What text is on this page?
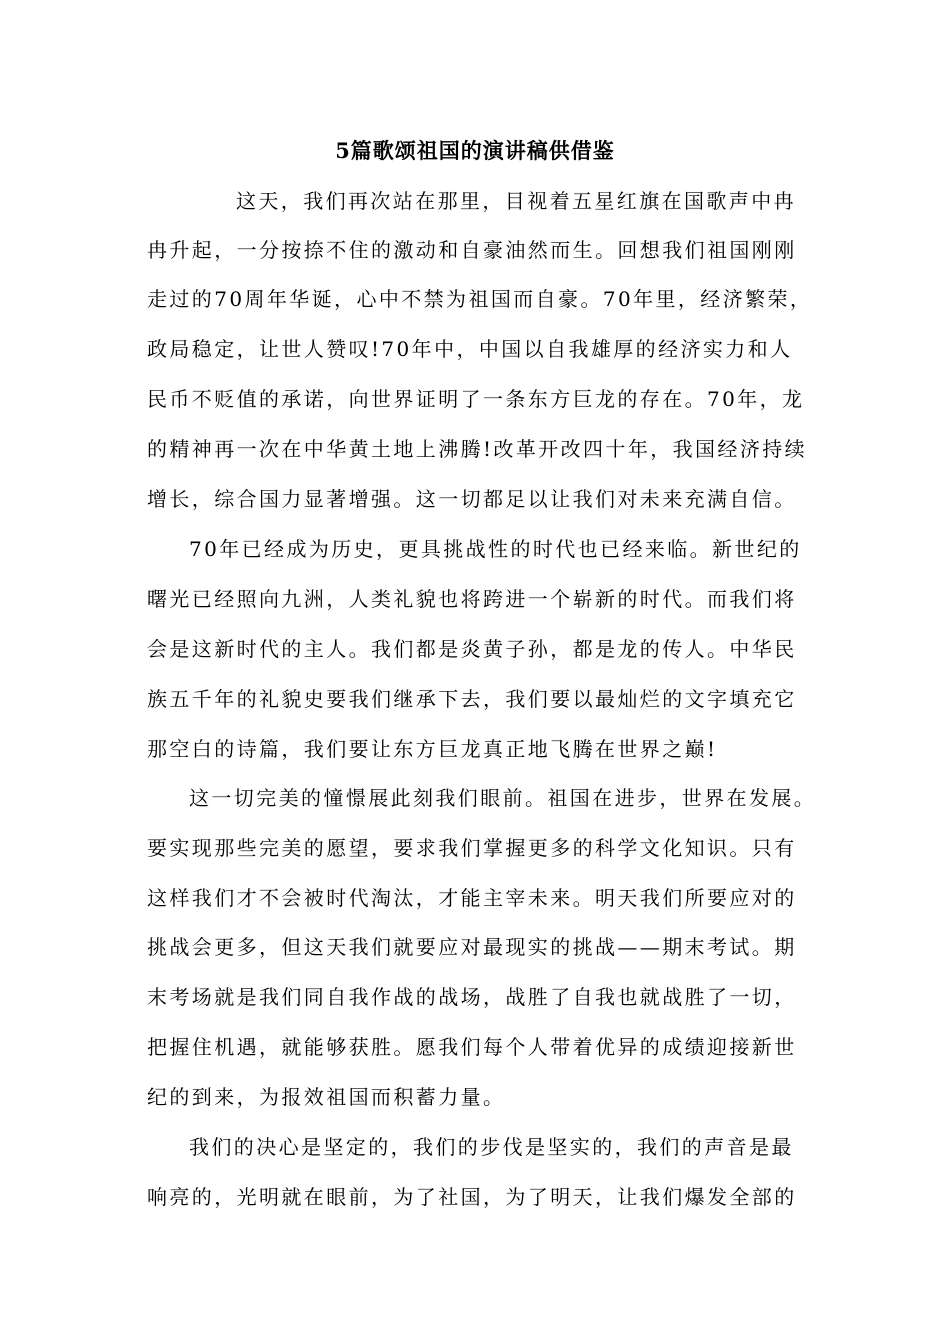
5篇歌颂祖国的演讲稿供借鉴
这天，我们再次站在那里，目视着五星红旗在国歌声中冉
冉升起，一分按捺不住的激动和自豪油然而生。回想我们祖国刚刚
走过的70周年华诞，心中不禁为祖国而自豪。70年里，经济繁荣，
政局稳定，让世人赞叹!70年中，中国以自我雄厚的经济实力和人
民币不贬值的承诺，向世界证明了一条东方巨龙的存在。70年，龙
的精神再一次在中华黄土地上沸腾!改革开改四十年，我国经济持续
增长，综合国力显著增强。这一切都足以让我们对未来充满自信。
70年已经成为历史，更具挑战性的时代也已经来临。新世纪的
曙光已经照向九洲，人类礼貌也将跨进一个崭新的时代。而我们将
会是这新时代的主人。我们都是炎黄子孙，都是龙的传人。中华民
族五千年的礼貌史要我们继承下去，我们要以最灿烂的文字填充它
那空白的诗篇，我们要让东方巨龙真正地飞腾在世界之巅!
这一切完美的憧憬展此刻我们眼前。祖国在进步，世界在发展。
要实现那些完美的愿望，要求我们掌握更多的科学文化知识。只有
这样我们才不会被时代淘汰，才能主宰未来。明天我们所要应对的
挑战会更多，但这天我们就要应对最现实的挑战——期末考试。期
末考场就是我们同自我作战的战场，战胜了自我也就战胜了一切，
把握住机遇，就能够获胜。愿我们每个人带着优异的成绩迎接新世
纪的到来，为报效祖国而积蓄力量。
我们的决心是坚定的，我们的步伐是坚实的，我们的声音是最
响亮的，光明就在眼前，为了社国，为了明天，让我们爆发全部的
